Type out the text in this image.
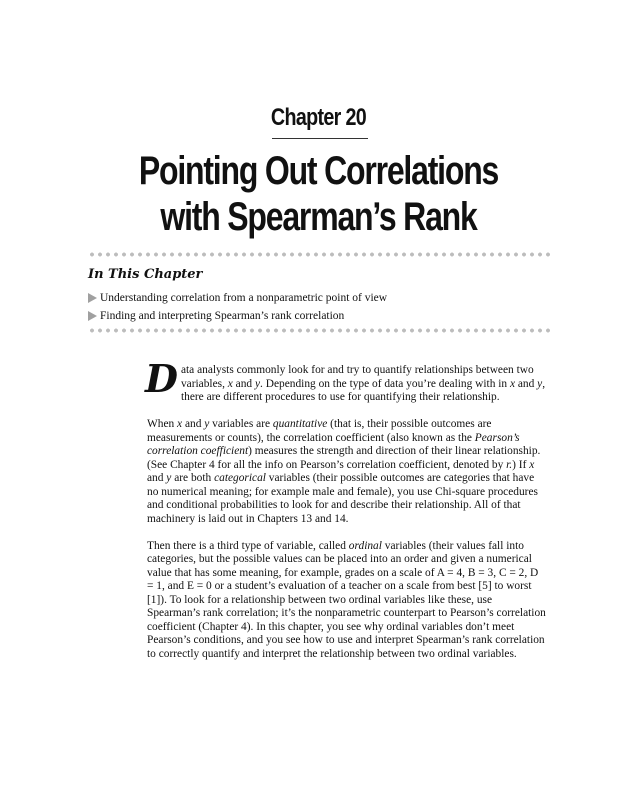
Chapter 20
Pointing Out Correlations
with Spearman’s Rank
In This Chapter
Understanding correlation from a nonparametric point of view
Finding and interpreting Spearman’s rank correlation

Data analysts commonly look for and try to quantify relationships between two variables, x and y. Depending on the type of data you’re dealing with in x and y, there are different procedures to use for quantifying their relationship.

When x and y variables are quantitative (that is, their possible outcomes are measurements or counts), the correlation coefficient (also known as the Pearson’s correlation coefficient) measures the strength and direction of their linear relationship. (See Chapter 4 for all the info on Pearson’s correlation coefficient, denoted by r.) If x and y are both categorical variables (their possible outcomes are categories that have no numerical meaning; for example male and female), you use Chi-square procedures and conditional probabilities to look for and describe their relationship. All of that machinery is laid out in Chapters 13 and 14.

Then there is a third type of variable, called ordinal variables (their values fall into categories, but the possible values can be placed into an order and given a numerical value that has some meaning, for example, grades on a scale of A = 4, B = 3, C = 2, D = 1, and E = 0 or a student’s evaluation of a teacher on a scale from best [5] to worst [1]). To look for a relationship between two ordinal variables like these, use Spearman’s rank correlation; it’s the nonparametric counterpart to Pearson’s correlation coefficient (Chapter 4). In this chapter, you see why ordinal variables don’t meet Pearson’s conditions, and you see how to use and interpret Spearman’s rank correlation to correctly quantify and interpret the relationship between two ordinal variables.
